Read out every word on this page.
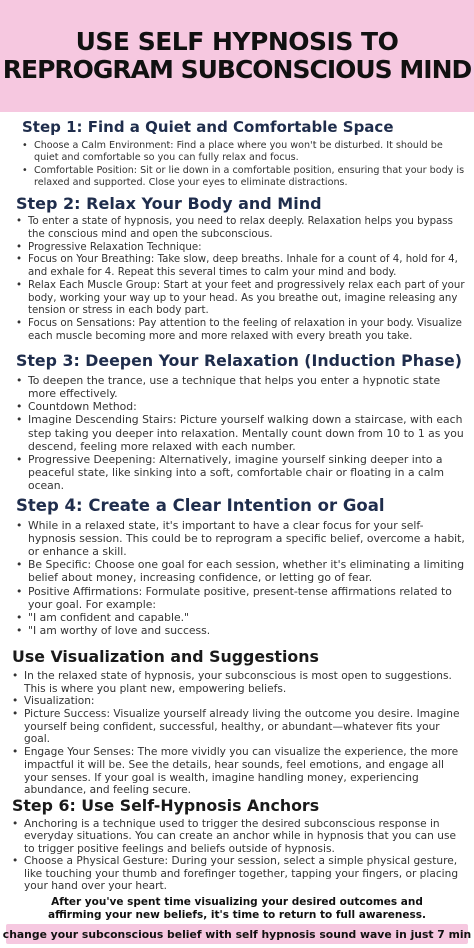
USE SELF HYPNOSIS TO
REPROGRAM SUBCONSCIOUS MIND
Step 1: Find a Quiet and Comfortable Space
• Choose a Calm Environment: Find a place where you won't be disturbed. It should be quiet and comfortable so you can fully relax and focus.
• Comfortable Position: Sit or lie down in a comfortable position, ensuring that your body is relaxed and supported. Close your eyes to eliminate distractions.
Step 2: Relax Your Body and Mind
• To enter a state of hypnosis, you need to relax deeply. Relaxation helps you bypass the conscious mind and open the subconscious.
• Progressive Relaxation Technique:
• Focus on Your Breathing: Take slow, deep breaths. Inhale for a count of 4, hold for 4, and exhale for 4. Repeat this several times to calm your mind and body.
• Relax Each Muscle Group: Start at your feet and progressively relax each part of your body, working your way up to your head. As you breathe out, imagine releasing any tension or stress in each body part.
• Focus on Sensations: Pay attention to the feeling of relaxation in your body. Visualize each muscle becoming more and more relaxed with every breath you take.
Step 3: Deepen Your Relaxation (Induction Phase)
• To deepen the trance, use a technique that helps you enter a hypnotic state more effectively.
• Countdown Method:
• Imagine Descending Stairs: Picture yourself walking down a staircase, with each step taking you deeper into relaxation. Mentally count down from 10 to 1 as you descend, feeling more relaxed with each number.
• Progressive Deepening: Alternatively, imagine yourself sinking deeper into a peaceful state, like sinking into a soft, comfortable chair or floating in a calm ocean.
Step 4: Create a Clear Intention or Goal
• While in a relaxed state, it's important to have a clear focus for your self-hypnosis session. This could be to reprogram a specific belief, overcome a habit, or enhance a skill.
• Be Specific: Choose one goal for each session, whether it's eliminating a limiting belief about money, increasing confidence, or letting go of fear.
• Positive Affirmations: Formulate positive, present-tense affirmations related to your goal. For example:
• "I am confident and capable."
• "I am worthy of love and success.
Use Visualization and Suggestions
• In the relaxed state of hypnosis, your subconscious is most open to suggestions. This is where you plant new, empowering beliefs.
• Visualization:
• Picture Success: Visualize yourself already living the outcome you desire. Imagine yourself being confident, successful, healthy, or abundant—whatever fits your goal.
• Engage Your Senses: The more vividly you can visualize the experience, the more impactful it will be. See the details, hear sounds, feel emotions, and engage all your senses. If your goal is wealth, imagine handling money, experiencing abundance, and feeling secure.
Step 6: Use Self-Hypnosis Anchors
• Anchoring is a technique used to trigger the desired subconscious response in everyday situations. You can create an anchor while in hypnosis that you can use to trigger positive feelings and beliefs outside of hypnosis.
• Choose a Physical Gesture: During your session, select a simple physical gesture, like touching your thumb and forefinger together, tapping your fingers, or placing your hand over your heart.
After you've spent time visualizing your desired outcomes and affirming your new beliefs, it's time to return to full awareness.
change your subconscious belief with self hypnosis sound wave in just 7 min
